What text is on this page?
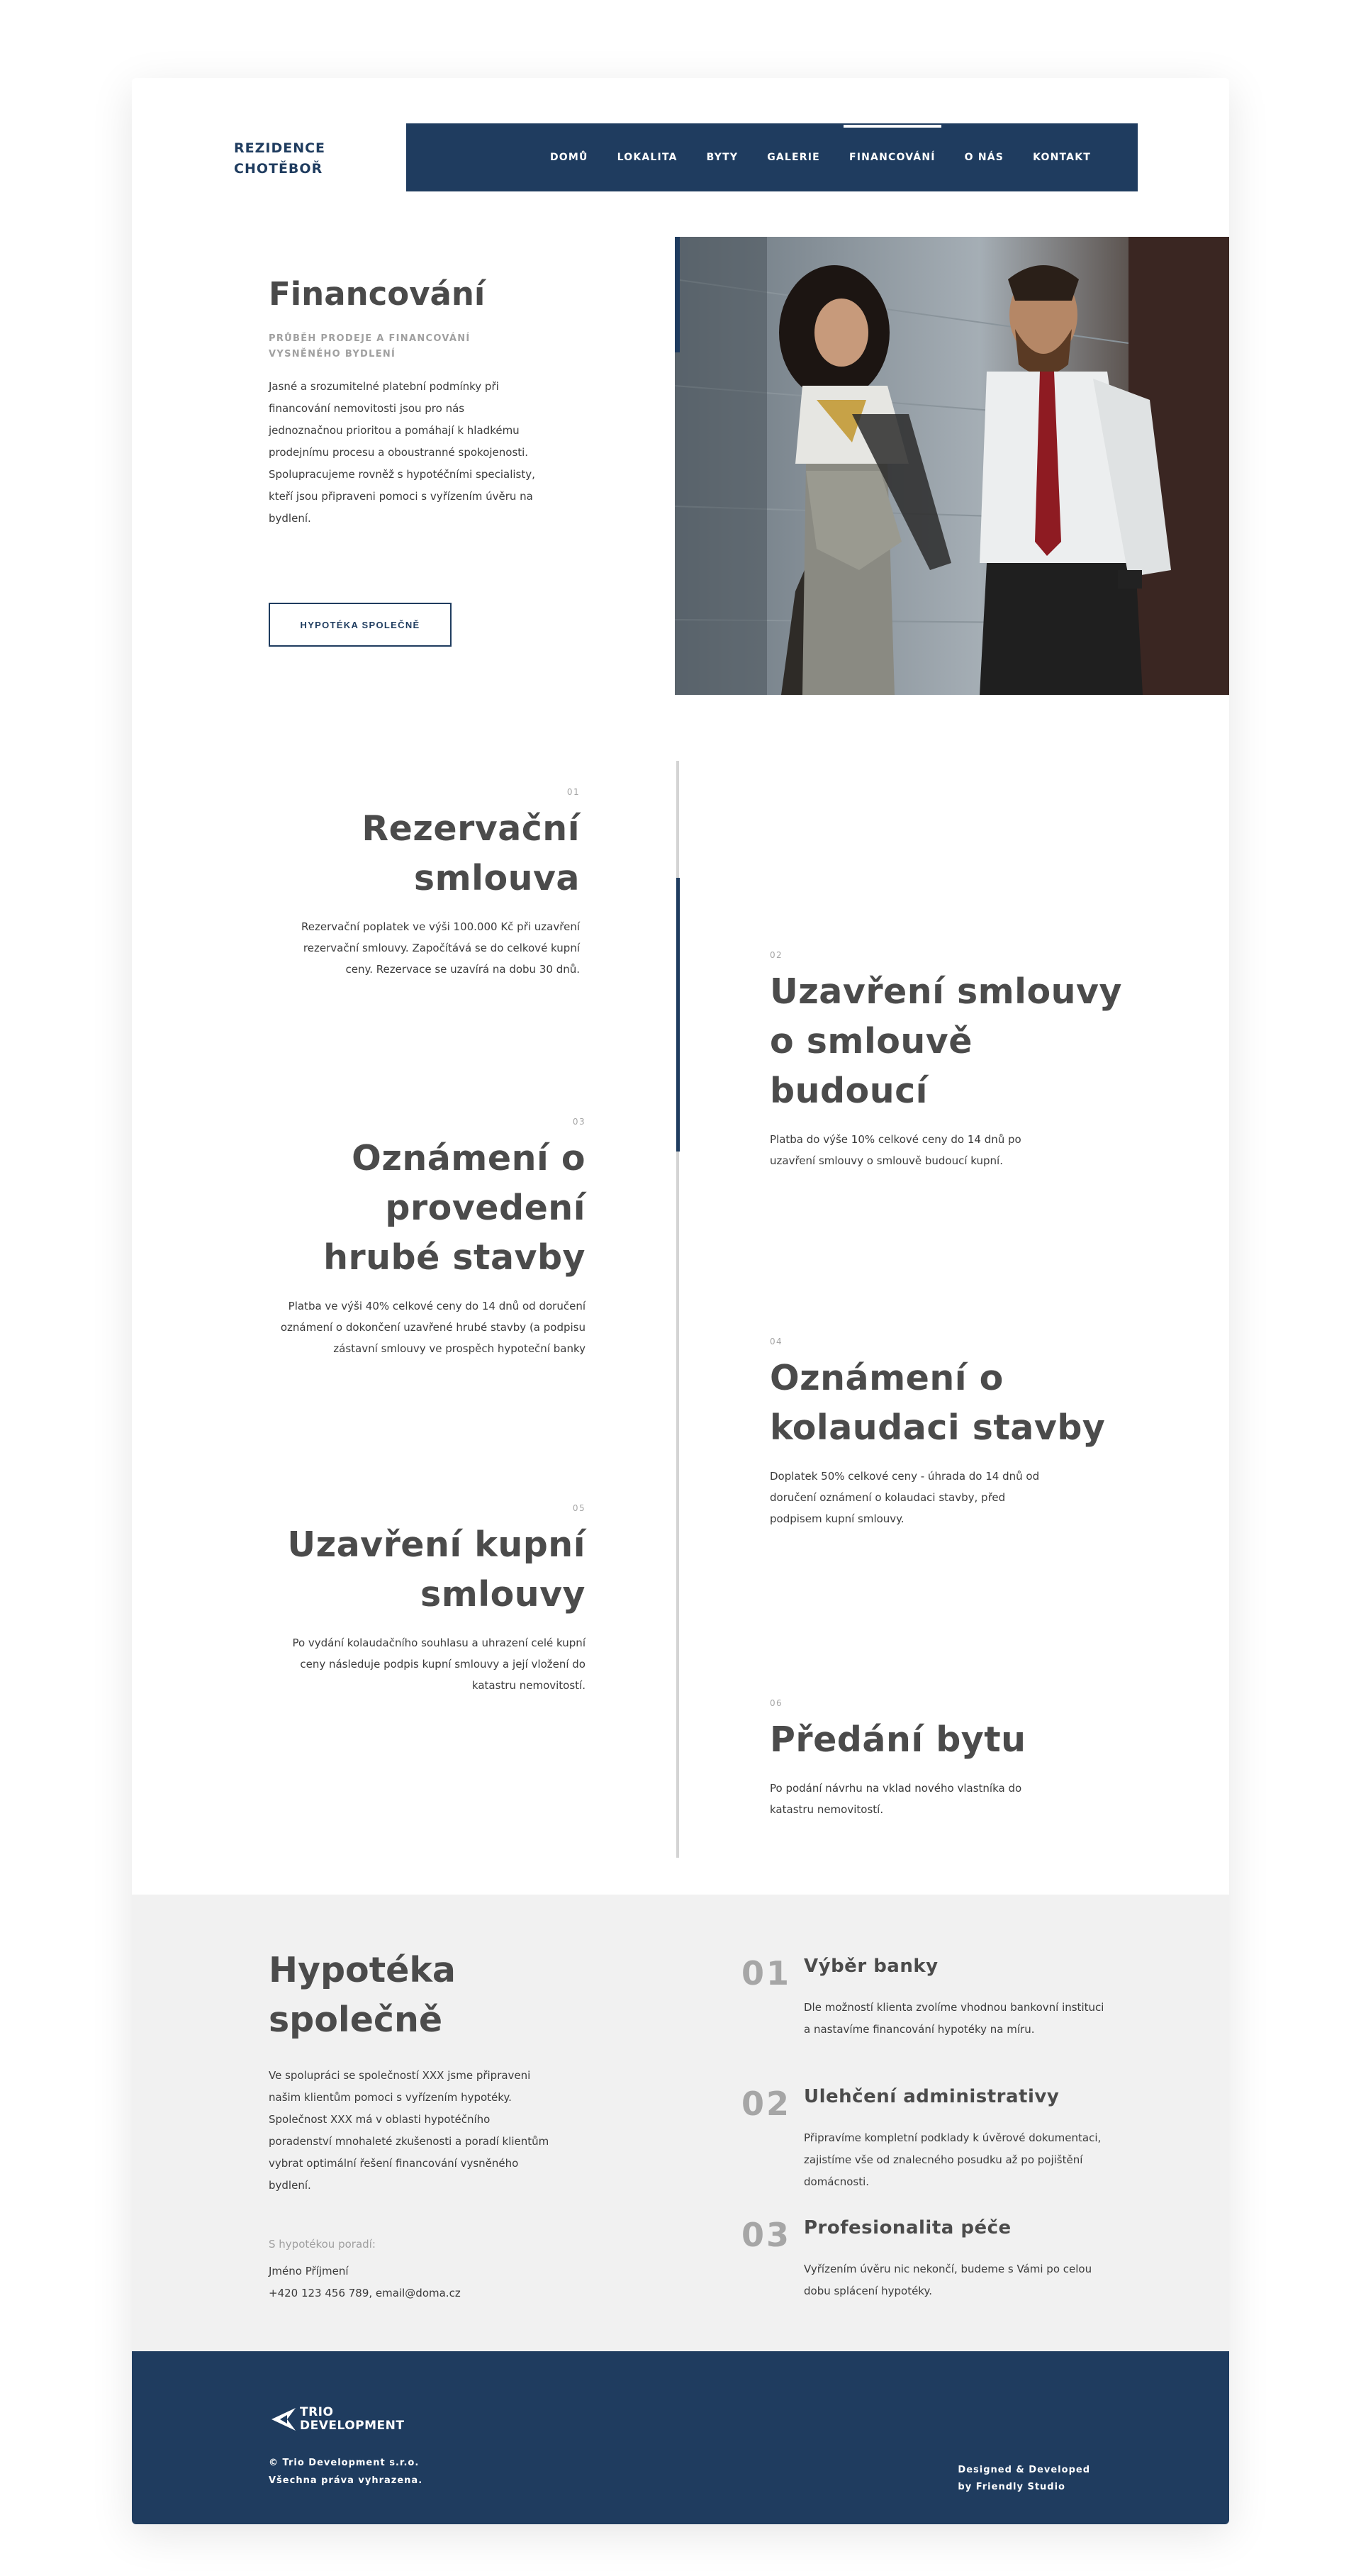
REZIDENCE CHOTĚBOŘ
DOMŮ	LOKALITA	BYTY	GALERIE	FINANCOVÁNÍ	O NÁS	KONTAKT
Financování
PRŮBĚH PRODEJE A FINANCOVÁNÍ VYSNĚNÉHO BYDLENÍ

Jasné a srozumitelné platební podmínky při financování nemovitosti jsou pro nás jednoznačnou prioritou a pomáhají k hladkému prodejnímu procesu a oboustranné spokojenosti. Spolupracujeme rovněž s hypotéčními specialisty, kteří jsou připraveni pomoci s vyřízením úvěru na bydlení.

HYPOTÉKA SPOLEČNĚ
01
Rezervační smlouva

Rezervační poplatek ve výši 100.000 Kč při uzavření rezervační smlouvy. Započítává se do celkové kupní ceny. Rezervace se uzavírá na dobu 30 dnů.

02
Uzavření smlouvy o smlouvě budoucí

Platba do výše 10% celkové ceny do 14 dnů po uzavření smlouvy o smlouvě budoucí kupní.

03
Oznámení o provedení hrubé stavby

Platba ve výši 40% celkové ceny do 14 dnů od doručení oznámení o dokončení uzavřené hrubé stavby (a podpisu zástavní smlouvy ve prospěch hypoteční banky

04
Oznámení o kolaudaci stavby

Doplatek 50% celkové ceny - úhrada do 14 dnů od doručení oznámení o kolaudaci stavby, před podpisem kupní smlouvy.

05
Uzavření kupní smlouvy

Po vydání kolaudačního souhlasu a uhrazení celé kupní ceny následuje podpis kupní smlouvy a její vložení do katastru nemovitostí.

06
Předání bytu

Po podání návrhu na vklad nového vlastníka do katastru nemovitostí.

Hypotéka společně

Ve spolupráci se společností XXX jsme připraveni našim klientům pomoci s vyřízením hypotéky. Společnost XXX má v oblasti hypotéčního poradenství mnohaleté zkušenosti a poradí klientům vybrat optimální řešení financování vysněného bydlení.

S hypotékou poradí:
Jméno Příjmení
+420 123 456 789, email@doma.cz
01 Výběr banky

Dle možností klienta zvolíme vhodnou bankovní instituci a nastavíme financování hypotéky na míru.

02 Ulehčení administrativy

Připravíme kompletní podklady k úvěrové dokumentaci, zajistíme vše od znalecného posudku až po pojištění domácnosti.

03 Profesionalita péče

Vyřízením úvěru nic nekončí, budeme s Vámi po celou dobu splácení hypotéky.

TRIO
DEVELOPMENT
© Trio Development s.r.o.
Všechna práva vyhrazena.
Designed & Developed
by Friendly Studio
